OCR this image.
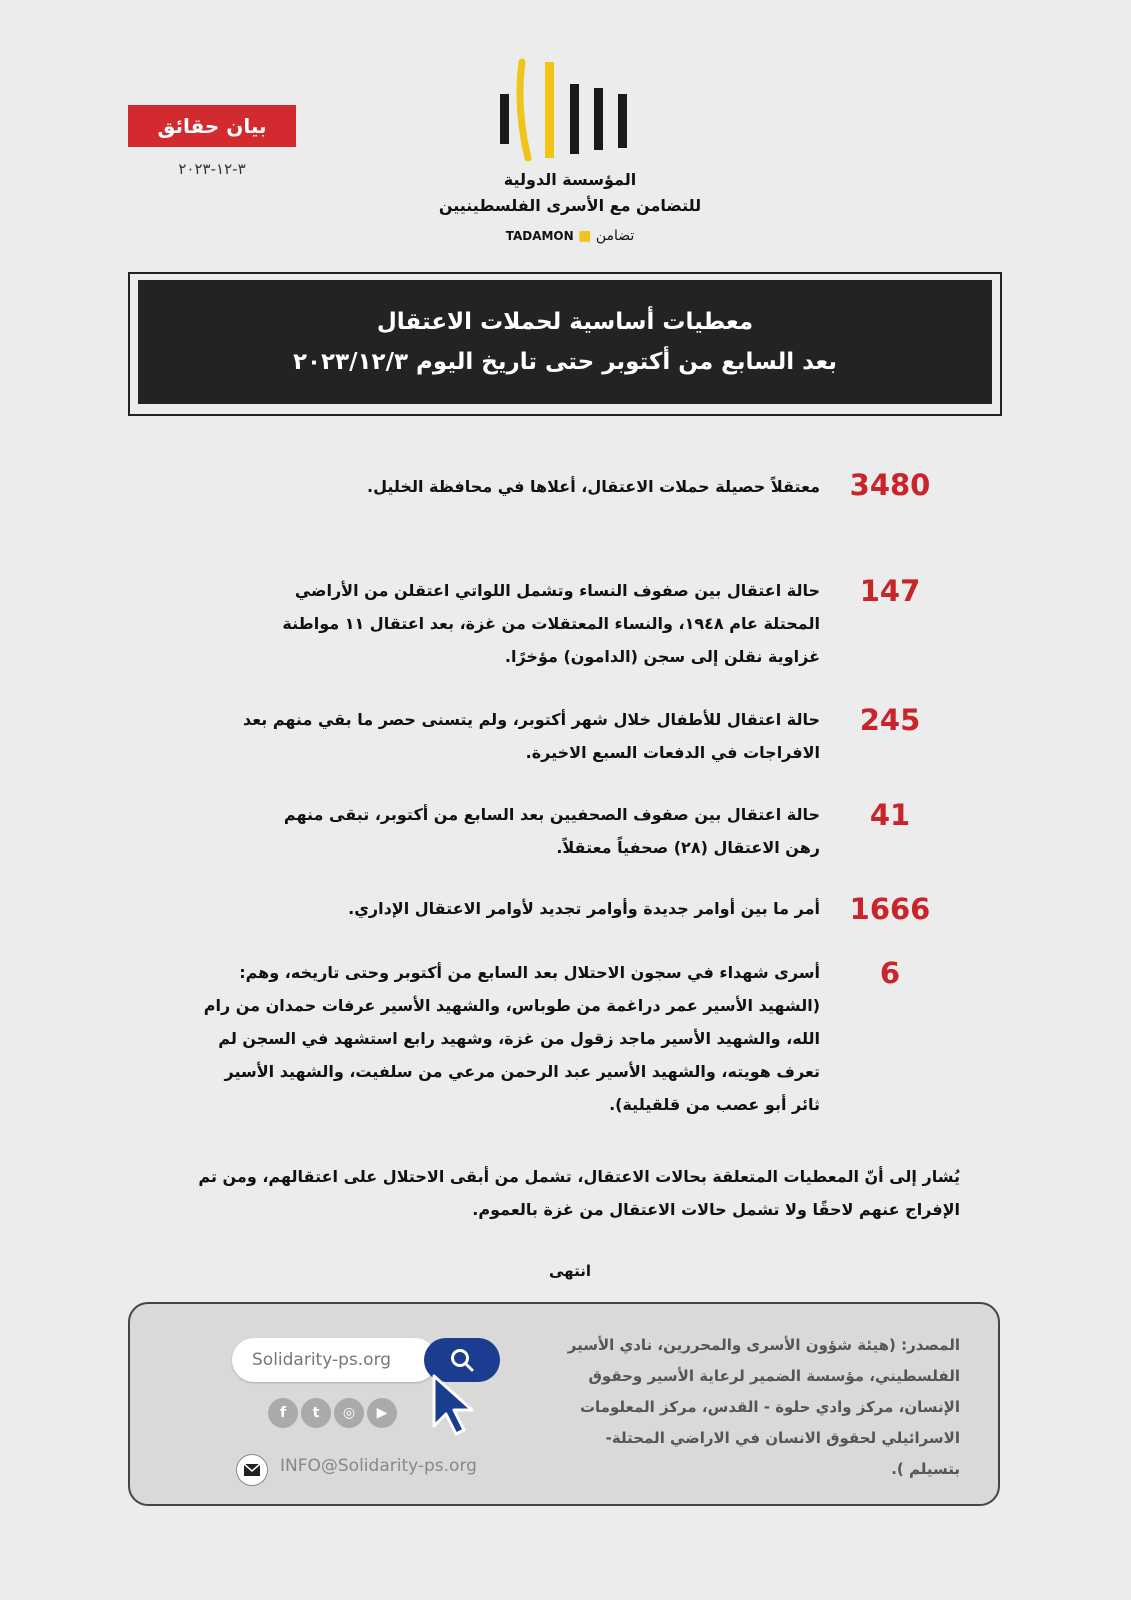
بيان حقائق
٣-١٢-٢٠٢٣
المؤسسة الدولية
للتضامن مع الأسرى الفلسطينيين
TADAMON ■ تضامن
معطيات أساسية لحملات الاعتقال
بعد السابع من أكتوبر حتى تاريخ اليوم ٢٠٢٣/١٢/٣
3480
معتقلاً حصيلة حملات الاعتقال، أعلاها في محافظة الخليل.
147
حالة اعتقال بين صفوف النساء وتشمل اللواتي اعتقلن من الأراضي المحتلة عام ١٩٤٨، والنساء المعتقلات من غزة، بعد اعتقال ١١ مواطنة غزاوية نقلن إلى سجن (الدامون) مؤخرًا.
245
حالة اعتقال للأطفال خلال شهر أكتوبر، ولم يتسنى حصر ما بقي منهم بعد الافراجات في الدفعات السبع الاخيرة.
41
حالة اعتقال بين صفوف الصحفيين بعد السابع من أكتوبر، تبقى منهم رهن الاعتقال (٢٨) صحفياً معتقلاً.
1666
أمر ما بين أوامر جديدة وأوامر تجديد لأوامر الاعتقال الإداري.
6
أسرى شهداء في سجون الاحتلال بعد السابع من أكتوبر وحتى تاريخه، وهم: (الشهيد الأسير عمر دراغمة من طوباس، والشهيد الأسير عرفات حمدان من رام الله، والشهيد الأسير ماجد زقول من غزة، وشهيد رابع استشهد في السجن لم تعرف هويته، والشهيد الأسير عبد الرحمن مرعي من سلفيت، والشهيد الأسير ثائر أبو عصب من قلقيلية).
يُشار إلى أنّ المعطيات المتعلقة بحالات الاعتقال، تشمل من أبقى الاحتلال على اعتقالهم، ومن تم الإفراج عنهم لاحقًا ولا تشمل حالات الاعتقال من غزة بالعموم.
انتهى
المصدر: (هيئة شؤون الأسرى والمحررين، نادي الأسير الفلسطيني، مؤسسة الضمير لرعاية الأسير وحقوق الإنسان، مركز وادي حلوة - القدس، مركز المعلومات الاسرائيلي لحقوق الانسان في الاراضي المحتلة- بتسيلم ).
Solidarity-ps.org
f	t	◎	▶
INFO@Solidarity-ps.org
